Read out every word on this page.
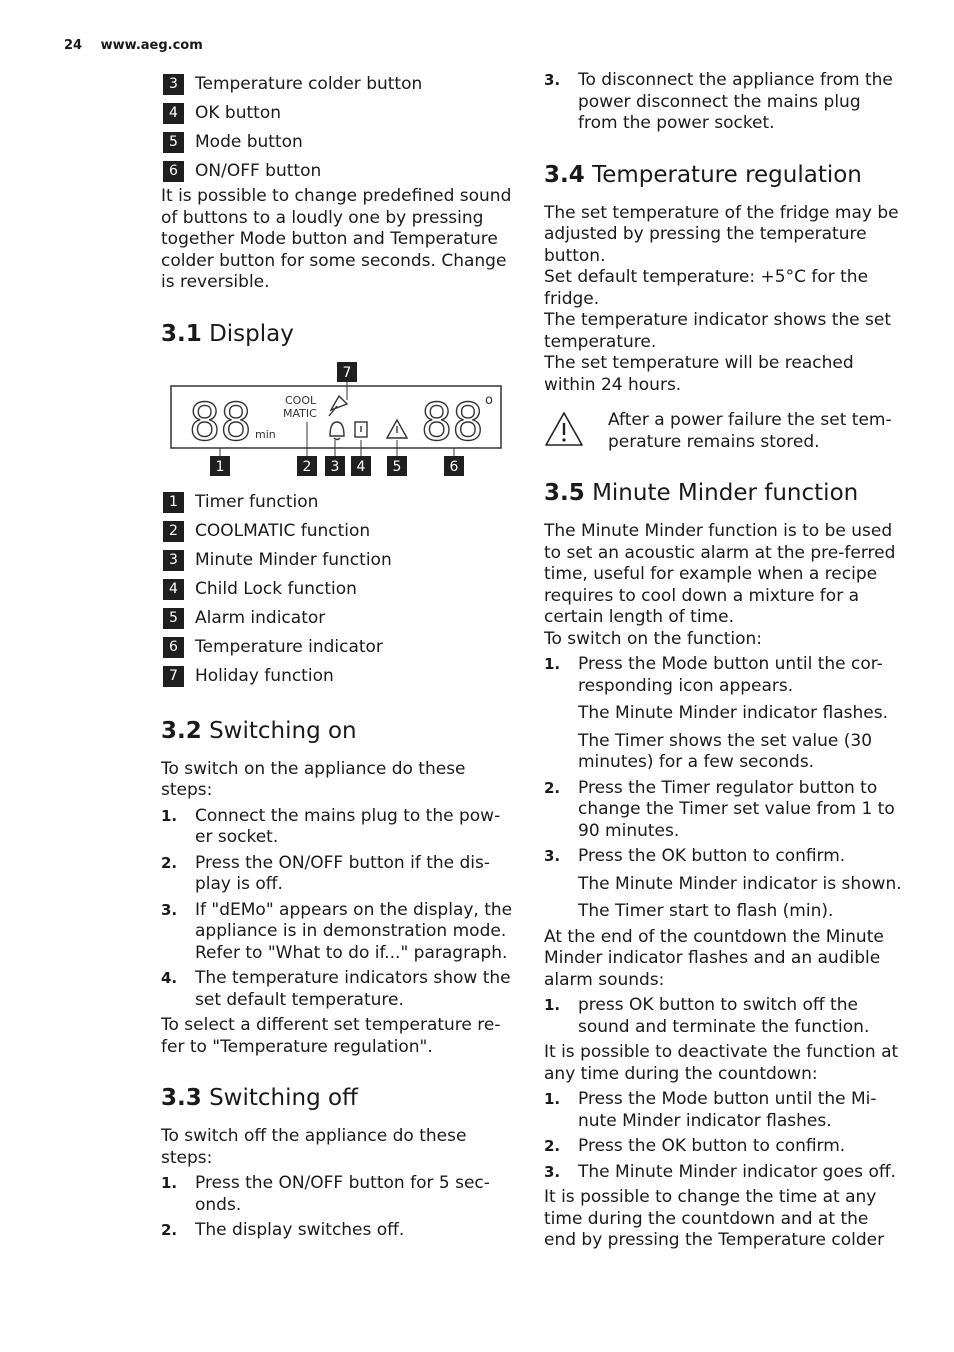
24 www.aeg.com
3	Temperature colder button
4	OK button
5	Mode button
6	ON/OFF button

It is possible to change predefined sound of buttons to a loudly one by pressing together Mode button and Temperature colder button for some seconds. Change is reversible.

3.1 Display
7
88 min
COOL
MATIC 88 o
1	2 3 4 5	6
1	Timer function
2	COOLMATIC function
3	Minute Minder function
4	Child Lock function
5	Alarm indicator
6	Temperature indicator
7	Holiday function
3.2 Switching on

To switch on the appliance do these steps:

1.	Connect the mains plug to the pow-er socket.
2.	Press the ON/OFF button if the dis-play is off.
3.	If "dEMo" appears on the display, the appliance is in demonstration mode. Refer to "What to do if..." paragraph.
4.	The temperature indicators show the set default temperature.

To select a different set temperature re-fer to "Temperature regulation".

3.3 Switching off

To switch off the appliance do these steps:

1.	Press the ON/OFF button for 5 sec-onds.
2.	The display switches off.
3.	To disconnect the appliance from the power disconnect the mains plug from the power socket.
3.4 Temperature regulation

The set temperature of the fridge may be adjusted by pressing the temperature button.

Set default temperature: +5°C for the fridge.

The temperature indicator shows the set temperature.

The set temperature will be reached within 24 hours.

After a power failure the set tem-perature remains stored.
3.5 Minute Minder function

The Minute Minder function is to be used to set an acoustic alarm at the pre-ferred time, useful for example when a recipe requires to cool down a mixture for a certain length of time.

To switch on the function:

1.	Press the Mode button until the cor-responding icon appears.

The Minute Minder indicator flashes.

The Timer shows the set value (30 minutes) for a few seconds.

2.	Press the Timer regulator button to change the Timer set value from 1 to 90 minutes.
3.	Press the OK button to confirm.

The Minute Minder indicator is shown.

The Timer start to flash (min).

At the end of the countdown the Minute Minder indicator flashes and an audible alarm sounds:

1.	press OK button to switch off the sound and terminate the function.

It is possible to deactivate the function at any time during the countdown:

1.	Press the Mode button until the Mi-nute Minder indicator flashes.
2.	Press the OK button to confirm.
3.	The Minute Minder indicator goes off.

It is possible to change the time at any time during the countdown and at the end by pressing the Temperature colder
